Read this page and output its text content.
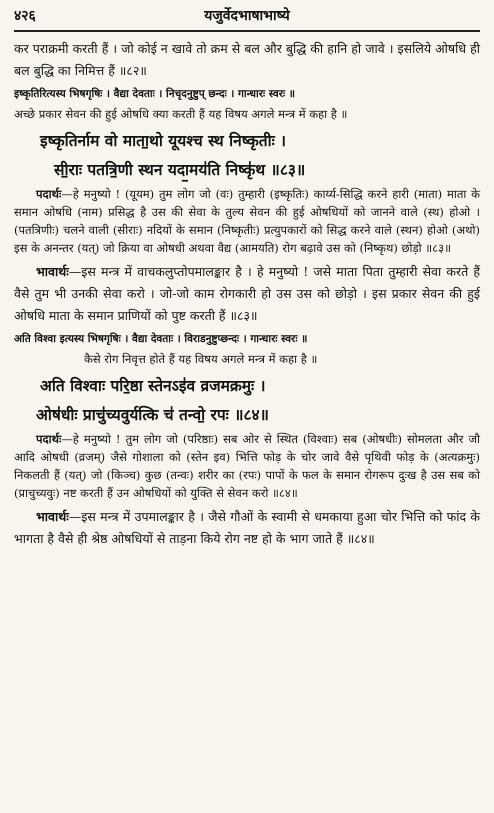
४२६	यजुर्वेदभाषाभाष्ये

कर पराक्रमी करती हैं । जो कोई न खावे तो क्रम से बल और बुद्धि की हानि हो जावे । इसलिये ओषधि ही बल बुद्धि का निमित्त हैं ॥८२॥

इष्कृतिरित्यस्य भिषगृषिः । वैद्या देवताः । निचृदनुष्टुप् छन्दः । गान्धारः स्वरः ॥

अच्छे प्रकार सेवन की हुई ओषधि क्या करती हैं यह विषय अगले मन्त्र में कहा है ॥

इष्कृतिर्नाम वो माता॒थो यूयश्च स्थ निष्कृतीः ।
सी॒राः पतत्रि॒णी स्थन यदा॒मय॑ति निष्कृ॑थ ॥८३॥

पदार्थः—हे मनुष्यो ! (यूयम) तुम लोग जो (वः) तुम्हारी (इष्कृतिः) कार्य्य-सिद्धि करने हारी (माता) माता के समान ओषधि (नाम) प्रसिद्ध है उस की सेवा के तुल्य सेवन की हुई ओषधियों को जानने वाले (स्थ) होओ । (पतत्रिणीः) चलने वाली (सीराः) नदियों के समान (निष्कृतीः) प्रत्युपकारों को सिद्ध करने वाले (स्थन) होओ (अथो) इस के अनन्तर (यत्) जो क्रिया वा ओषधी अथवा वैद्य (आमयति) रोग बढ़ावे उस को (निष्कृथ) छोड़ो ॥८३॥

भावार्थः—इस मन्त्र में वाचकलुप्तोपमालङ्कार है । हे मनुष्यो ! जसे माता पिता तुम्हारी सेवा करते हैं वैसे तुम भी उनकी सेवा करो । जो-जो काम रोगकारी हो उस उस को छोड़ो । इस प्रकार सेवन की हुई ओषधि माता के समान प्राणियों को पुष्ट करती हैं ॥८३॥

अति विश्वा इत्यस्य भिषगृषिः । वैद्या देवताः । विराडनुष्टुप्छन्दः । गान्धारः स्वरः ॥

कैसे रोग निवृत्त होते हैं यह विषय अगले मन्त्र में कहा है ॥

अति विश्वाः परि॒ष्ठा स्तेनऽइ॑व व्रजमक्रमुः ।
ओष॑धीः प्राचु॑च्यवुर्यत्कि च॑ तन्वो॒ रपः ॥८४॥

पदार्थः—हे मनुष्यो ! तुम लोग जो (परिष्ठाः) सब ओर से स्थित (विश्वाः) सब (ओषधीः) सोमलता और जौ आदि ओषधी (व्रजम्) जैसे गोशाला को (स्तेन इव) भित्ति फोड़ के चोर जावे वैसे पृथिवी फोड़ के (अत्यक्रमुः) निकलती हैं (यत्) जो (किञ्च) कुछ (तन्वः) शरीर का (रपः) पापों के फल के समान रोगरूप दुःख है उस सब को (प्राचुच्यवुः) नष्ट करती हैं उन ओषधियों को युक्ति से सेवन करो ॥८४॥

भावार्थः—इस मन्त्र में उपमालङ्कार है । जैसे गौओं के स्वामी से धमकाया हुआ चोर भित्ति को फांद के भागता है वैसे ही श्रेष्ठ ओषधियों से ताड़ना किये रोग नष्ट हो के भाग जाते हैं ॥८४॥
